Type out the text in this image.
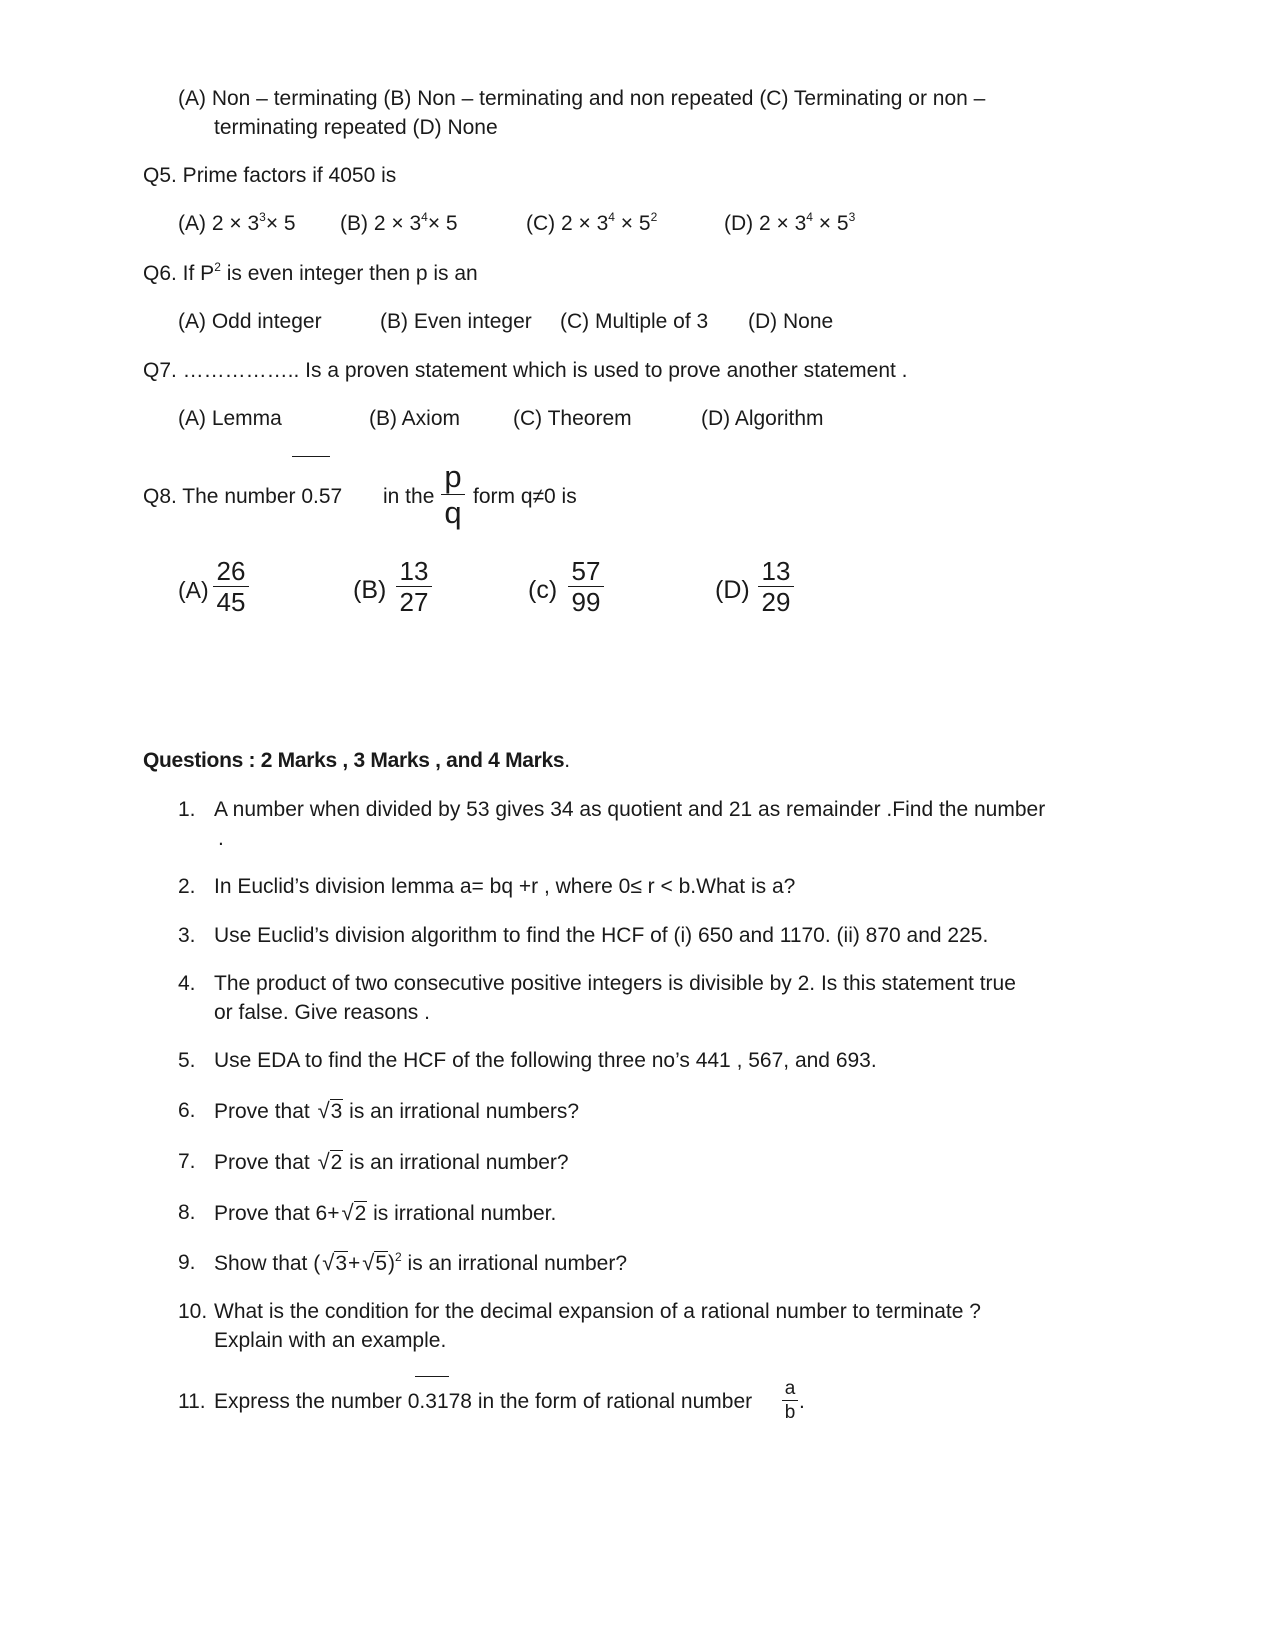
(A) Non – terminating (B) Non – terminating and non repeated (C) Terminating or non –
terminating repeated (D) None
Q5. Prime factors if 4050 is
(A) $2 \times 3^3\times 5$ (B) $2 \times 3^4\times 5$	(C) $2 \times 3^4 \times 5^2$	(D) $2 \times 3^4 \times 5^3$
Q6. If $P^2$ is even integer then p is an
(A) Odd integer	(B) Even integer (C) Multiple of 3 (D) None
Q7. …………….. Is a proven statement which is used to prove another statement .
(A) Lemma	(B) Axiom	(C) Theorem	(D) Algorithm
Q8. The number 0.57 in the
p
q form q≠0 is
(A)
26
45	(B)
13
27	(c)
57
99	(D)
13
29
Questions : 2 Marks , 3 Marks , and 4 Marks.
1. A number when divided by 53 gives 34 as quotient and 21 as remainder .Find the number
.
2. In Euclid’s division lemma a= bq +r , where 0≤ r < b.What is a?
3. Use Euclid’s division algorithm to find the HCF of (i) 650 and 1170. (ii) 870 and 225.
4. The product of two consecutive positive integers is divisible by 2. Is this statement true
or false. Give reasons .
5. Use EDA to find the HCF of the following three no’s 441 , 567, and 693.
6. Prove that √3 is an irrational numbers?
7. Prove that √2 is an irrational number?
8. Prove that 6+√2 is irrational number.
9. Show that $(√3+√5)^2$ is an irrational number?
10. What is the condition for the decimal expansion of a rational number to terminate ?
Explain with an example.
11. Express the number 0.3178 in the form of rational number
a
b .
